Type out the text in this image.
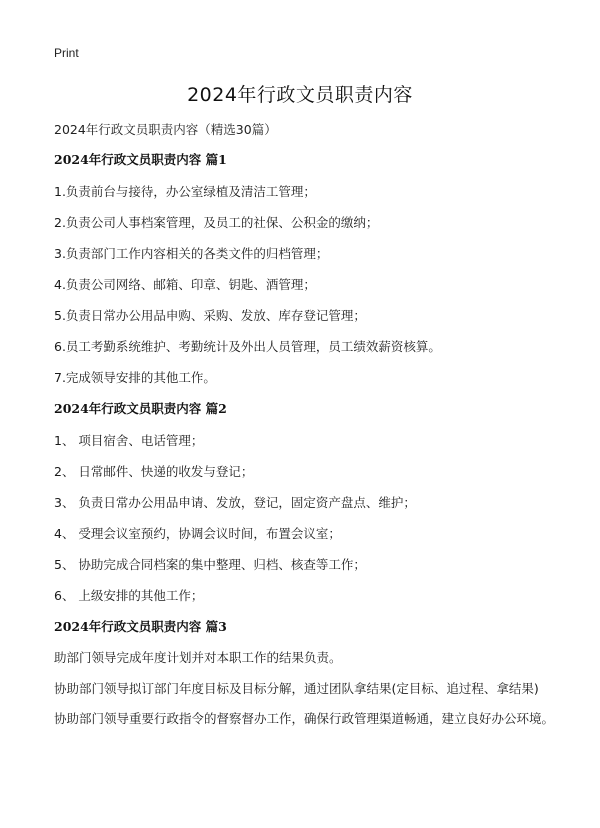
Print
2024年行政文员职责内容
2024年行政文员职责内容（精选30篇）

2024年行政文员职责内容 篇1

1.负责前台与接待，办公室绿植及清洁工管理；

2.负责公司人事档案管理，及员工的社保、公积金的缴纳；

3.负责部门工作内容相关的各类文件的归档管理；

4.负责公司网络、邮箱、印章、钥匙、酒管理；

5.负责日常办公用品申购、采购、发放、库存登记管理；

6.员工考勤系统维护、考勤统计及外出人员管理，员工绩效薪资核算。

7.完成领导安排的其他工作。

2024年行政文员职责内容 篇2

1、 项目宿舍、电话管理；

2、 日常邮件、快递的收发与登记；

3、 负责日常办公用品申请、发放，登记，固定资产盘点、维护；

4、 受理会议室预约，协调会议时间，布置会议室；

5、 协助完成合同档案的集中整理、归档、核查等工作；

6、 上级安排的其他工作；

2024年行政文员职责内容 篇3

助部门领导完成年度计划并对本职工作的结果负责。

协助部门领导拟订部门年度目标及目标分解，通过团队拿结果(定目标、追过程、拿结果)

协助部门领导重要行政指令的督察督办工作，确保行政管理渠道畅通，建立良好办公环境。
